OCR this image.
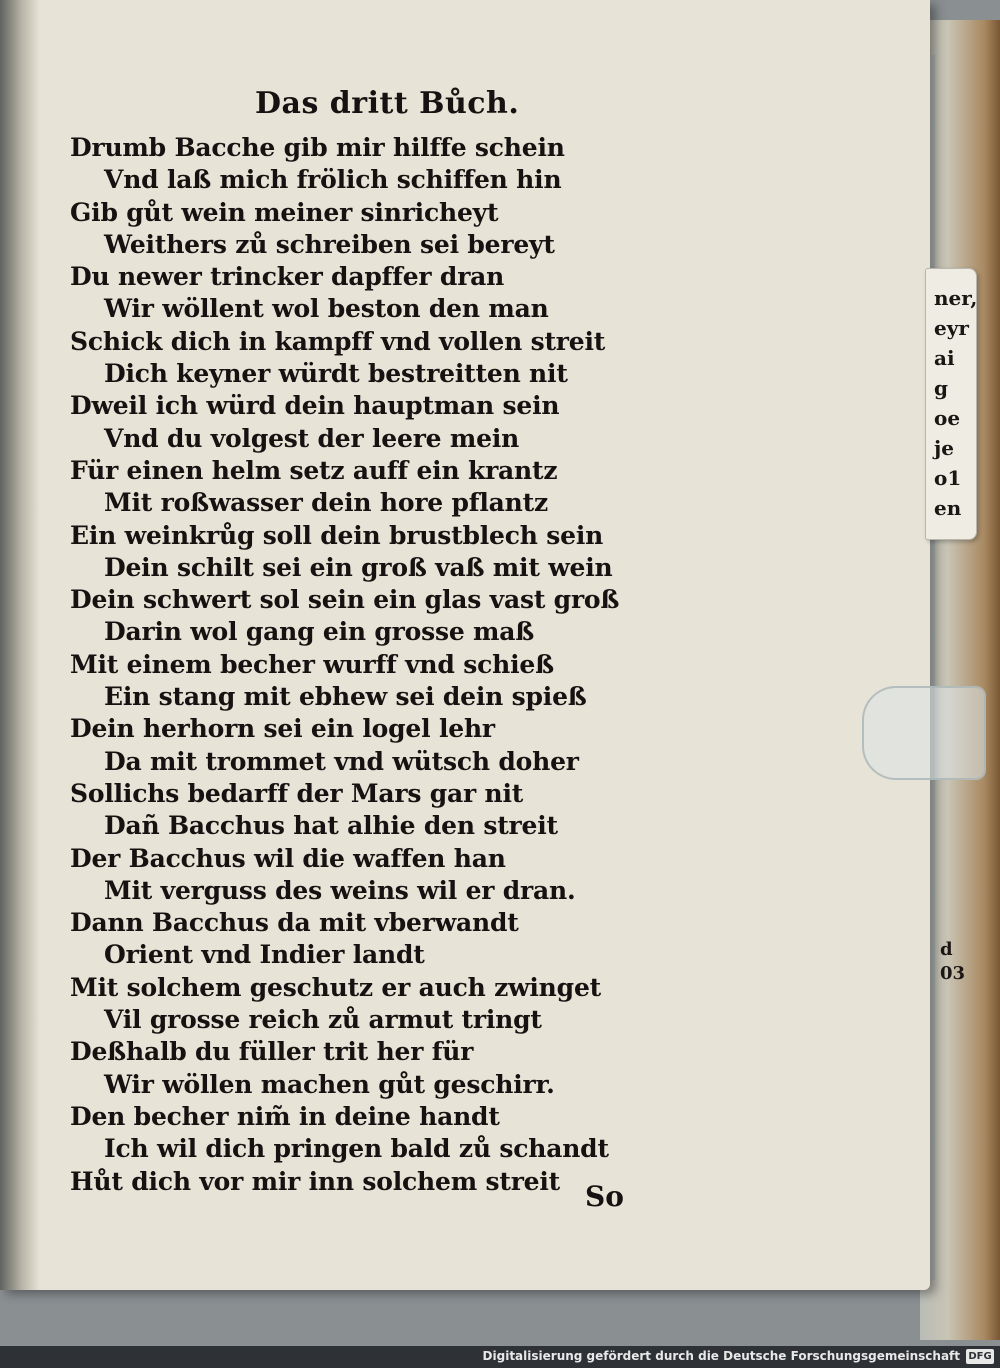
Das dritt Bůch.
Drumb Bacche gib mir hilffe schein
Vnd laß mich frölich schiffen hin
Gib gůt wein meiner sinricheyt
Weithers zů schreiben sei bereyt
Du newer trincker dapffer dran
Wir wöllent wol beston den man
Schick dich in kampff vnd vollen streit
Dich keyner würdt bestreitten nit
Dweil ich würd dein hauptman sein
Vnd du volgest der leere mein
Für einen helm setz auff ein krantz
Mit roßwasser dein hore pflantz
Ein weinkrůg soll dein brustblech sein
Dein schilt sei ein groß vaß mit wein
Dein schwert sol sein ein glas vast groß
Darin wol gang ein grosse maß
Mit einem becher wurff vnd schieß
Ein stang mit ebhew sei dein spieß
Dein herhorn sei ein logel lehr
Da mit trommet vnd wütsch doher
Sollichs bedarff der Mars gar nit
Dañ Bacchus hat alhie den streit
Der Bacchus wil die waffen han
Mit verguss des weins wil er dran.
Dann Bacchus da mit vberwandt
Orient vnd Indier landt
Mit solchem geschutz er auch zwinget
Vil grosse reich zů armut tringt
Deßhalb du füller trit her für
Wir wöllen machen gůt geschirr.
Den becher nim̃ in deine handt
Ich wil dich pringen bald zů schandt
Hůt dich vor mir inn solchem streit So
ner,
eyr
ai
g
oe
je
o1
en
d
03
Digitalisierung gefördert durch die Deutsche Forschungsgemeinschaft DFG
